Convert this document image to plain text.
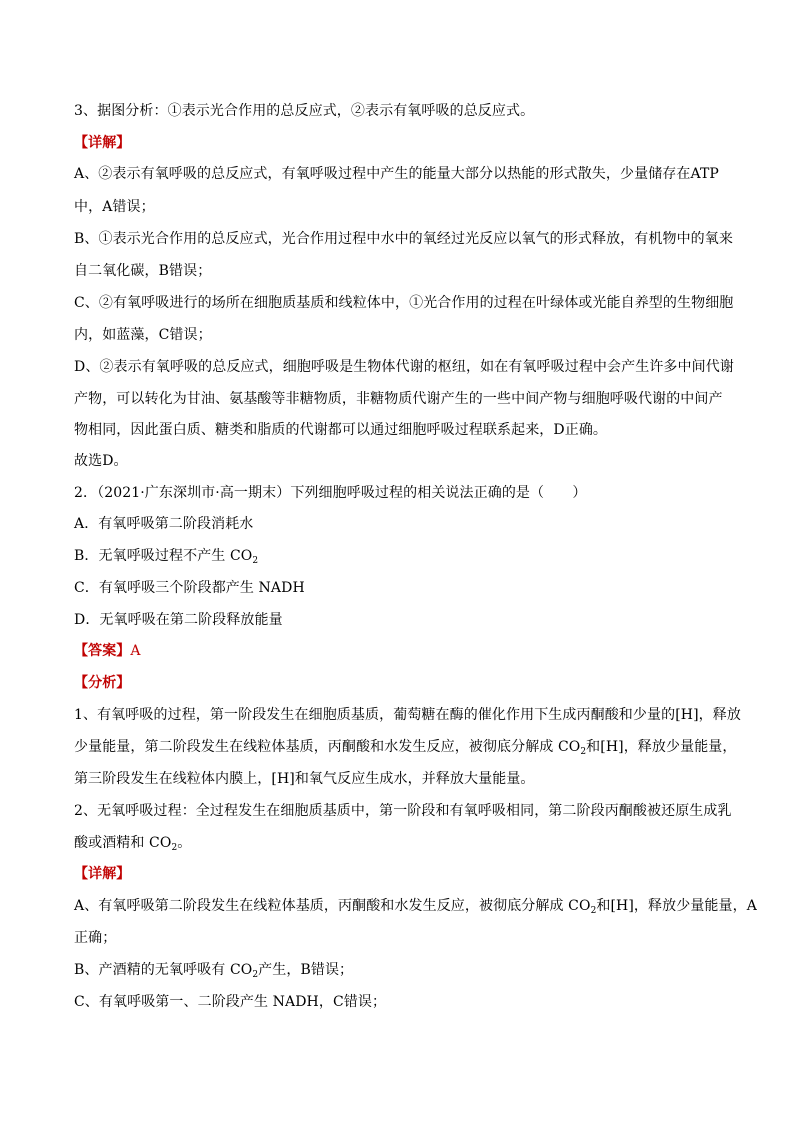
3、据图分析：①表示光合作用的总反应式，②表示有氧呼吸的总反应式。
【详解】
A、②表示有氧呼吸的总反应式，有氧呼吸过程中产生的能量大部分以热能的形式散失，少量储存在ATP
中，A错误；
B、①表示光合作用的总反应式，光合作用过程中水中的氧经过光反应以氧气的形式释放，有机物中的氧来
自二氧化碳，B错误；
C、②有氧呼吸进行的场所在细胞质基质和线粒体中，①光合作用的过程在叶绿体或光能自养型的生物细胞
内，如蓝藻，C错误；
D、②表示有氧呼吸的总反应式，细胞呼吸是生物体代谢的枢纽，如在有氧呼吸过程中会产生许多中间代谢
产物，可以转化为甘油、氨基酸等非糖物质，非糖物质代谢产生的一些中间产物与细胞呼吸代谢的中间产
物相同，因此蛋白质、糖类和脂质的代谢都可以通过细胞呼吸过程联系起来，D正确。
故选D。
2．（2021·广东深圳市·高一期末）下列细胞呼吸过程的相关说法正确的是（　　）
A．有氧呼吸第二阶段消耗水
B．无氧呼吸过程不产生 $CO_2$
C．有氧呼吸三个阶段都产生 NADH
D．无氧呼吸在第二阶段释放能量
【答案】A
【分析】
1、有氧呼吸的过程，第一阶段发生在细胞质基质，葡萄糖在酶的催化作用下生成丙酮酸和少量的[H]，释放
少量能量，第二阶段发生在线粒体基质，丙酮酸和水发生反应，被彻底分解成 $CO_2$和[H]，释放少量能量，
第三阶段发生在线粒体内膜上，[H]和氧气反应生成水，并释放大量能量。
2、无氧呼吸过程：全过程发生在细胞质基质中，第一阶段和有氧呼吸相同，第二阶段丙酮酸被还原生成乳
酸或酒精和 $CO_2$。
【详解】
A、有氧呼吸第二阶段发生在线粒体基质，丙酮酸和水发生反应，被彻底分解成 $CO_2$和[H]，释放少量能量，A
正确；
B、产酒精的无氧呼吸有 $CO_2$产生，B错误；
C、有氧呼吸第一、二阶段产生 NADH，C错误；
